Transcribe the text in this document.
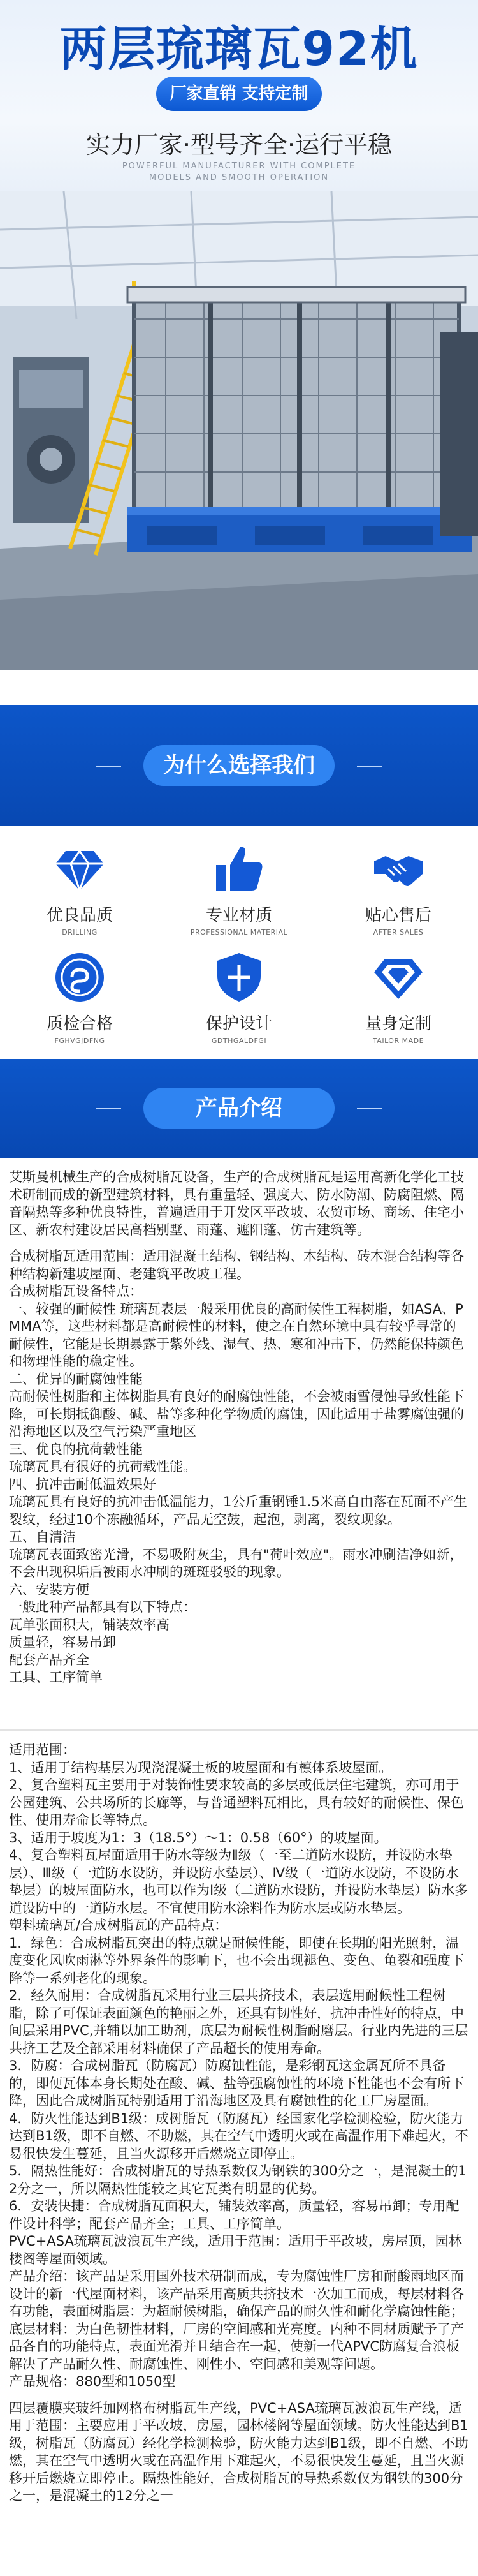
两层琉璃瓦92机
厂家直销 支持定制
实力厂家·型号齐全·运行平稳
POWERFUL MANUFACTURER WITH COMPLETE
MODELS AND SMOOTH OPERATION
为什么选择我们
优良品质
DRILLING
专业材质
PROFESSIONAL MATERIAL
贴心售后
AFTER SALES
质检合格
FGHVGJDFNG
保护设计
GDTHGALDFGI
量身定制
TAILOR MADE
产品介绍

艾斯曼机械生产的合成树脂瓦设备，生产的合成树脂瓦是运用高新化学化工技术研制而成的新型建筑材料，具有重量轻、强度大、防水防潮、防腐阻燃、隔音隔热等多种优良特性，普遍适用于开发区平改坡、农贸市场、商场、住宅小区、新农村建设居民高档别墅、雨蓬、遮阳蓬、仿古建筑等。

合成树脂瓦适用范围：适用混凝土结构、钢结构、木结构、砖木混合结构等各种结构新建坡屋面、老建筑平改坡工程。

合成树脂瓦设备特点：

一、较强的耐候性 琉璃瓦表层一般采用优良的高耐候性工程树脂，如ASA、PMMA等，这些材料都是高耐候性的材料，使之在自然环境中具有较乎寻常的耐候性，它能是长期暴露于紫外线、湿气、热、寒和冲击下，仍然能保持颜色和物理性能的稳定性。

二、优异的耐腐蚀性能

高耐候性树脂和主体树脂具有良好的耐腐蚀性能，不会被雨雪侵蚀导致性能下降，可长期抵御酸、碱、盐等多种化学物质的腐蚀，因此适用于盐雾腐蚀强的沿海地区以及空气污染严重地区

三、优良的抗荷载性能

琉璃瓦具有很好的抗荷载性能。

四、抗冲击耐低温效果好

琉璃瓦具有良好的抗冲击低温能力，1公斤重钢锤1.5米高自由落在瓦面不产生裂纹，经过10个冻融循环，产品无空鼓，起泡，剥离，裂纹现象。

五、自清洁

琉璃瓦表面致密光滑，不易吸附灰尘，具有"荷叶效应"。雨水冲刷洁净如新，不会出现积垢后被雨水冲刷的斑斑驳驳的现象。

六、安装方便

一般此种产品都具有以下特点：

瓦单张面积大，铺装效率高

质量轻，容易吊卸

配套产品齐全

工具、工序简单

适用范围：

1、适用于结构基层为现浇混凝土板的坡屋面和有檩体系坡屋面。

2、复合塑料瓦主要用于对装饰性要求较高的多层或低层住宅建筑，亦可用于公园建筑、公共场所的长廊等，与普通塑料瓦相比，具有较好的耐候性、保色性、使用寿命长等特点。

3、适用于坡度为1：3（18.5°）～1：0.58（60°）的坡屋面。

4、复合塑料瓦屋面适用于防水等级为Ⅱ级（一至二道防水设防，并设防水垫层）、Ⅲ级（一道防水设防，并设防水垫层）、Ⅳ级（一道防水设防，不设防水垫层）的坡屋面防水，也可以作为Ⅰ级（二道防水设防，并设防水垫层）防水多道设防中的一道防水层。不宜使用防水涂料作为防水层或防水垫层。

塑料琉璃瓦/合成树脂瓦的产品特点：

1．绿色：合成树脂瓦突出的特点就是耐候性能，即使在长期的阳光照射，温度变化风吹雨淋等外界条件的影响下，也不会出现褪色、变色、龟裂和强度下降等一系列老化的现象。

2．经久耐用：合成树脂瓦采用行业三层共挤技术，表层选用耐候性工程树脂，除了可保证表面颜色的艳丽之外，还具有韧性好，抗冲击性好的特点，中间层采用PVC,并辅以加工助剂，底层为耐候性树脂耐磨层。行业内先进的三层共挤工艺及全部采用材料确保了产品超长的使用寿命。

3．防腐：合成树脂瓦（防腐瓦）防腐蚀性能，是彩钢瓦这金属瓦所不具备的，即便瓦体本身长期处在酸、碱、盐等强腐蚀性的环境下性能也不会有所下降，因此合成树脂瓦特别适用于沿海地区及具有腐蚀性的化工厂房屋面。

4．防火性能达到B1级：成树脂瓦（防腐瓦）经国家化学检测检验，防火能力达到B1级，即不自燃、不助燃，其在空气中透明火或在高温作用下难起火，不易很快发生蔓延，且当火源移开后燃烧立即停止。

5．隔热性能好：合成树脂瓦的导热系数仅为钢铁的300分之一，是混凝土的12分之一，所以隔热性能较之其它瓦类有明显的优势。

6．安装快捷：合成树脂瓦面积大，铺装效率高，质量轻，容易吊卸；专用配件设计科学；配套产品齐全；工具、工序简单。

PVC+ASA琉璃瓦波浪瓦生产线，适用于范围：适用于平改坡，房屋顶，园林楼阁等屋面领域。

产品介绍：该产品是采用国外技术研制而成，专为腐蚀性厂房和耐酸雨地区而设计的新一代屋面材料，该产品采用高质共挤技术一次加工而成，每层材料各有功能，表面树脂层：为超耐候树脂，确保产品的耐久性和耐化学腐蚀性能；底层材料：为白色韧性材料，厂房的空间感和光亮度。内种不同材质赋予了产品各自的功能特点，表面光滑并且结合在一起，使新一代APVC防腐复合浪板解决了产品耐久性、耐腐蚀性、刚性小、空间感和美观等问题。

产品规格：880型和1050型

四层覆膜夹玻纤加网格布树脂瓦生产线，PVC+ASA琉璃瓦波浪瓦生产线，适用于范围：主要应用于平改坡，房屋，园林楼阁等屋面领域。防火性能达到B1级，树脂瓦（防腐瓦）经化学检测检验，防火能力达到B1级，即不自燃、不助燃，其在空气中透明火或在高温作用下难起火，不易很快发生蔓延，且当火源移开后燃烧立即停止。隔热性能好，合成树脂瓦的导热系数仅为钢铁的300分之一，是混凝土的12分之一
